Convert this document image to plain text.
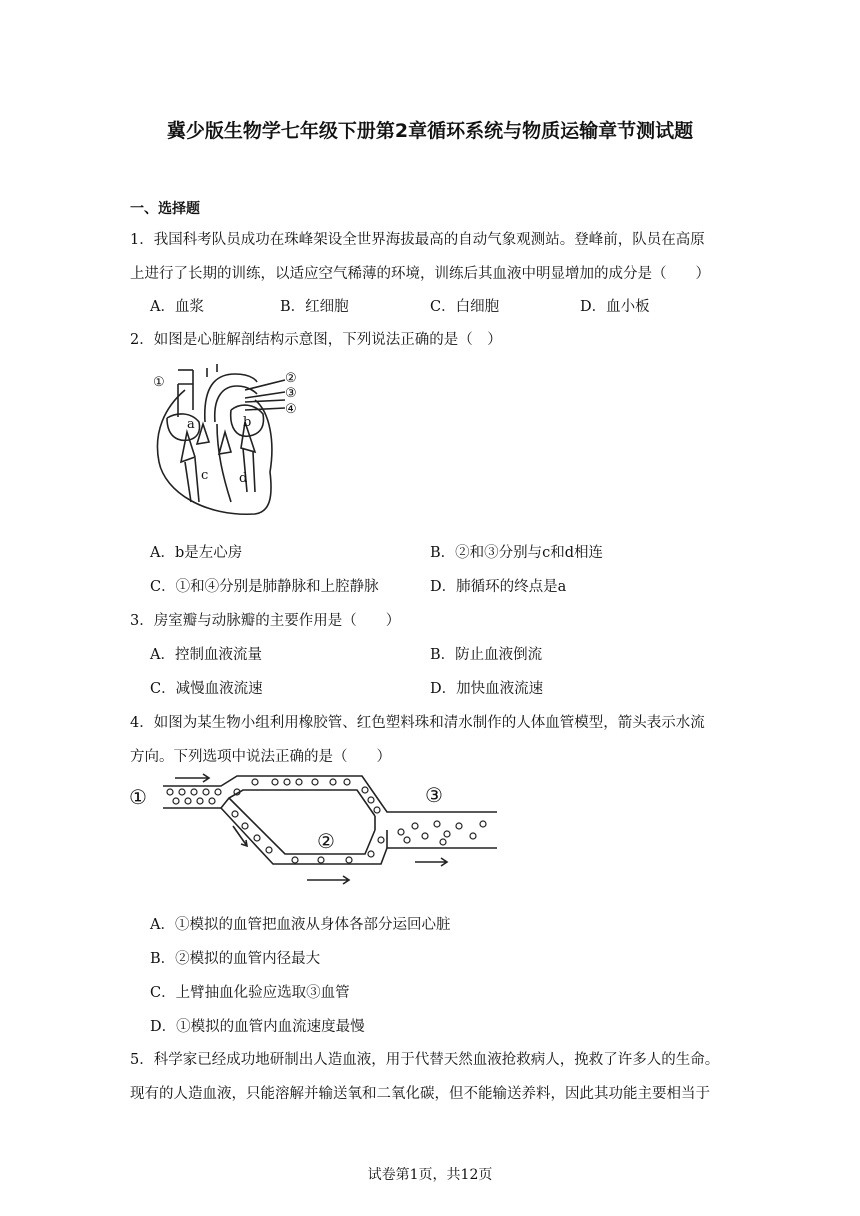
冀少版生物学七年级下册第2章循环系统与物质运输章节测试题
一、选择题
1．我国科考队员成功在珠峰架设全世界海拔最高的自动气象观测站。登峰前，队员在高原
上进行了长期的训练，以适应空气稀薄的环境，训练后其血液中明显增加的成分是（　　）
A．血浆	B．红细胞	C．白细胞	D．血小板
2．如图是心脏解剖结构示意图，下列说法正确的是（　）
①	②
③
④
a	b
c d
A．b是左心房	B．②和③分别与c和d相连
C．①和④分别是肺静脉和上腔静脉	D．肺循环的终点是a
3．房室瓣与动脉瓣的主要作用是（　　）
A．控制血液流量	B．防止血液倒流
C．减慢血液流速	D．加快血液流速
4．如图为某生物小组利用橡胶管、红色塑料珠和清水制作的人体血管模型，箭头表示水流
方向。下列选项中说法正确的是（　　）
①
②
③
A．①模拟的血管把血液从身体各部分运回心脏
B．②模拟的血管内径最大
C．上臂抽血化验应选取③血管
D．①模拟的血管内血流速度最慢
5．科学家已经成功地研制出人造血液，用于代替天然血液抢救病人，挽救了许多人的生命。
现有的人造血液，只能溶解并输送氧和二氧化碳，但不能输送养料，因此其功能主要相当于
试卷第1页，共12页
